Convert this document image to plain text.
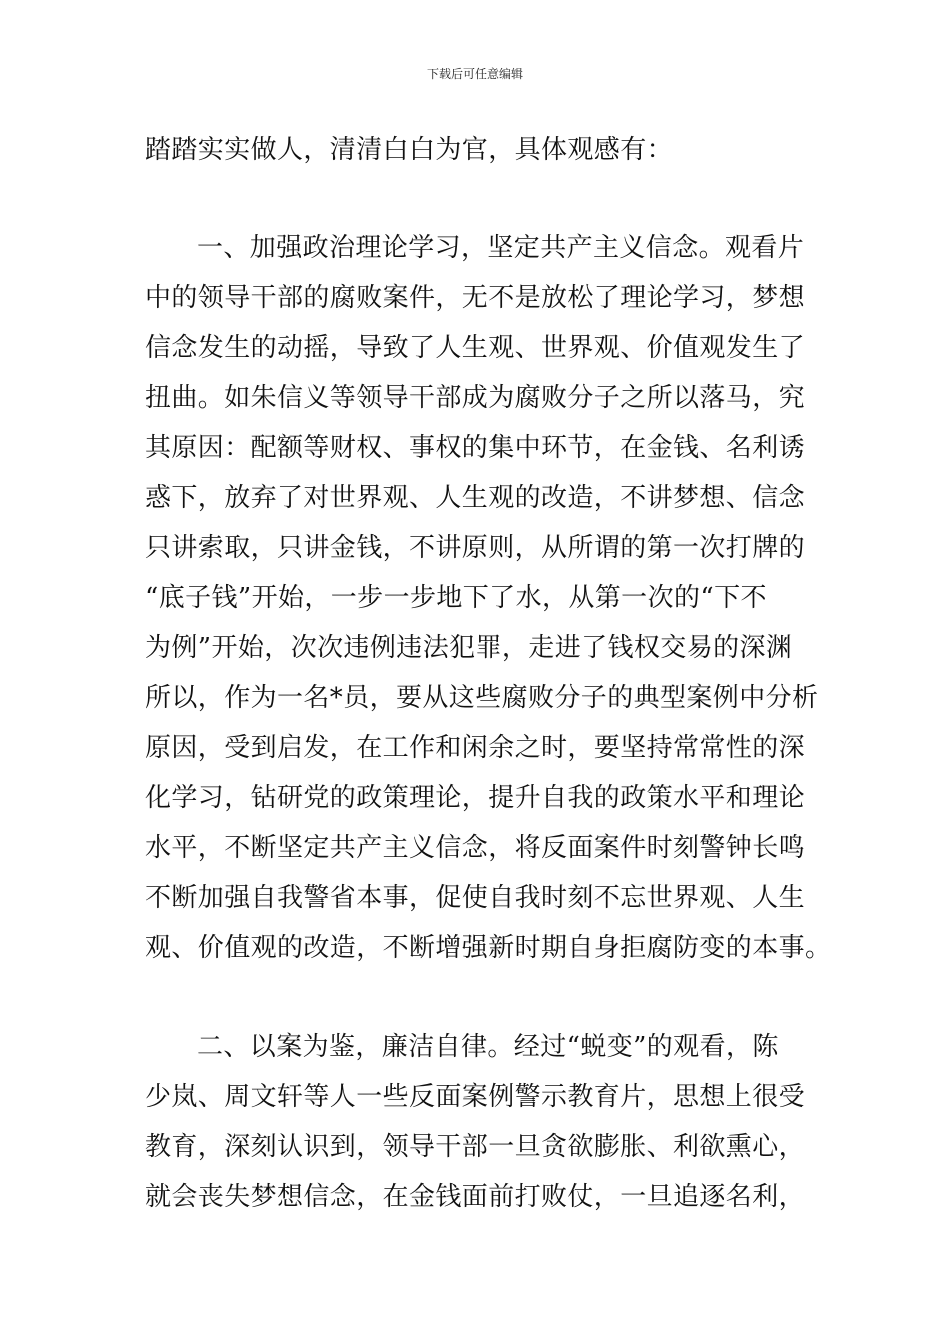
下载后可任意编辑
踏踏实实做人，清清白白为官，具体观感有：
一、加强政治理论学习，坚定共产主义信念。观看片
中的领导干部的腐败案件，无不是放松了理论学习，梦想
信念发生的动摇，导致了人生观、世界观、价值观发生了
扭曲。如朱信义等领导干部成为腐败分子之所以落马，究
其原因：配额等财权、事权的集中环节，在金钱、名利诱
惑下，放弃了对世界观、人生观的改造，不讲梦想、信念
只讲索取，只讲金钱，不讲原则，从所谓的第一次打牌的
“底子钱”开始，一步一步地下了水，从第一次的“下不
为例”开始，次次违例违法犯罪，走进了钱权交易的深渊
所以，作为一名*员，要从这些腐败分子的典型案例中分析
原因，受到启发，在工作和闲余之时，要坚持常常性的深
化学习，钻研党的政策理论，提升自我的政策水平和理论
水平，不断坚定共产主义信念，将反面案件时刻警钟长鸣
不断加强自我警省本事，促使自我时刻不忘世界观、人生
观、价值观的改造，不断增强新时期自身拒腐防变的本事。
二、以案为鉴，廉洁自律。经过“蜕变”的观看，陈
少岚、周文轩等人一些反面案例警示教育片，思想上很受
教育，深刻认识到，领导干部一旦贪欲膨胀、利欲熏心，
就会丧失梦想信念，在金钱面前打败仗，一旦追逐名利，
